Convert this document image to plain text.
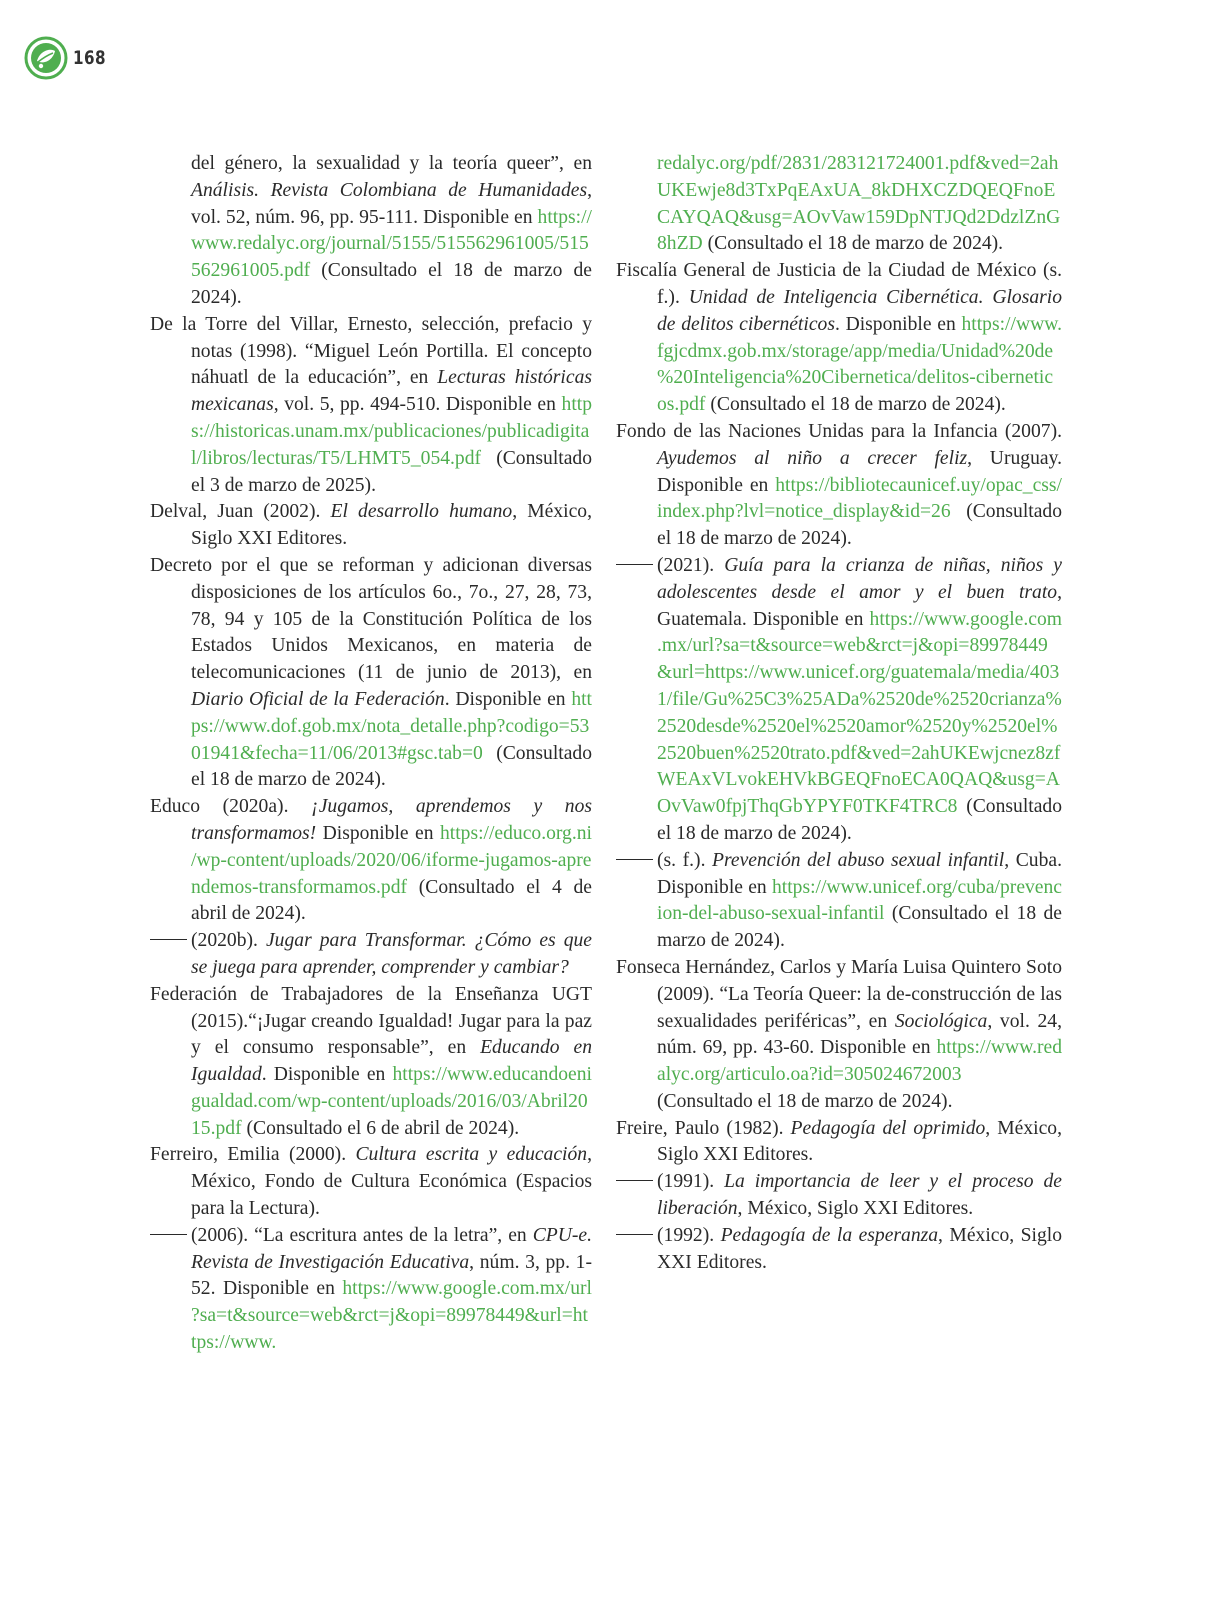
168
del género, la sexualidad y la teoría queer”, en Análisis. Revista Colombiana de Humanidades, vol. 52, núm. 96, pp. 95-111. Disponible en h​t​t​p​s​:​/​/​w​w​w​.​r​e​d​a​l​y​c​.​o​r​g​/​j​o​u​r​n​a​l​/​5​1​5​5​/​5​1​5​5​6​2​9​6​1​0​0​5​/​5​1​5​5​6​2​9​6​1​0​0​5​.​p​d​f (Consultado el 18 de marzo de 2024).
De la Torre del Villar, Ernesto, selección, prefacio y notas (1998). “Miguel León Portilla. El concepto náhuatl de la educación”, en Lecturas históricas mexicanas, vol. 5, pp. 494-510. Disponible en h​t​t​p​s​:​/​/​h​i​s​t​o​r​i​c​a​s​.​u​n​a​m​.​m​x​/​p​u​b​l​i​c​a​c​i​o​n​e​s​/​p​u​b​l​i​c​a​d​i​g​i​t​a​l​/​l​i​b​r​o​s​/​l​e​c​t​u​r​a​s​/​T​5​/​L​H​M​T​5​_​0​5​4​.​p​d​f (Consultado el 3 de marzo de 2025).
Delval, Juan (2002). El desarrollo humano, México, Siglo XXI Editores.
Decreto por el que se reforman y adicionan diversas disposiciones de los artículos 6o., 7o., 27, 28, 73, 78, 94 y 105 de la Constitución Política de los Estados Unidos Mexicanos, en materia de telecomunicaciones (11 de junio de 2013), en Diario Oficial de la Federación. Disponible en h​t​t​p​s​:​/​/​w​w​w​.​d​o​f​.​g​o​b​.​m​x​/​n​o​t​a​_​d​e​t​a​l​l​e​.​p​h​p​?​c​o​d​i​g​o​=​5​3​0​1​9​4​1​&​f​e​c​h​a​=​1​1​/​0​6​/​2​0​1​3​#​g​s​c​.​t​a​b​=​0 (Consultado el 18 de marzo de 2024).
Educo (2020a). ¡Jugamos, aprendemos y nos transformamos! Disponible en h​t​t​p​s​:​/​/​e​d​u​c​o​.​o​r​g​.​n​i​/​w​p​-​c​o​n​t​e​n​t​/​u​p​l​o​a​d​s​/​2​0​2​0​/​0​6​/​i​f​o​r​m​e​-​j​u​g​a​m​o​s​-​a​p​r​e​n​d​e​m​o​s​-​t​r​a​n​s​f​o​r​m​a​m​o​s​.​p​d​f (Consultado el 4 de abril de 2024).
(2020b). Jugar para Transformar. ¿Cómo es que se juega para aprender, comprender y cambiar?
Federación de Trabajadores de la Enseñanza UGT (2015).“¡Jugar creando Igualdad! Jugar para la paz y el consumo responsable”, en Educando en Igualdad. Disponible en h​t​t​p​s​:​/​/​w​w​w​.​e​d​u​c​a​n​d​o​e​n​i​g​u​a​l​d​a​d​.​c​o​m​/​w​p​-​c​o​n​t​e​n​t​/​u​p​l​o​a​d​s​/​2​0​1​6​/​0​3​/​A​b​r​i​l​2​0​1​5​.​p​d​f (Consultado el 6 de abril de 2024).
Ferreiro, Emilia (2000). Cultura escrita y educación, México, Fondo de Cultura Económica (Espacios para la Lectura).
(2006). “La escritura antes de la letra”, en CPU-e. Revista de Investigación Educativa, núm. 3, pp. 1-52. Disponible en h​t​t​p​s​:​/​/​w​w​w​.​g​o​o​g​l​e​.​c​o​m​.​m​x​/​u​r​l​?​s​a​=​t​&​s​o​u​r​c​e​=​w​e​b​&​r​c​t​=​j​&​o​p​i​=​8​9​9​7​8​4​4​9​&​u​r​l​=​h​t​t​p​s​:​/​/​w​w​w​.
r​e​d​a​l​y​c​.​o​r​g​/​p​d​f​/​2​8​3​1​/​2​8​3​1​2​1​7​2​4​0​0​1​.​p​d​f​&​v​e​d​=​2​a​h​U​K​E​w​j​e​8​d​3​T​x​P​q​E​A​x​U​A​_​8​k​D​H​X​C​Z​D​Q​E​Q​F​n​o​E​C​A​Y​Q​A​Q​&​u​s​g​=​A​O​v​V​a​w​1​5​9​D​p​N​T​J​Q​d​2​D​d​z​l​Z​n​G​8​h​Z​D (Consultado el 18 de marzo de 2024).
Fiscalía General de Justicia de la Ciudad de México (s. f.). Unidad de Inteligencia Cibernética. Glosario de delitos cibernéticos. Disponible en h​t​t​p​s​:​/​/​w​w​w​.​f​g​j​c​d​m​x​.​g​o​b​.​m​x​/​s​t​o​r​a​g​e​/​a​p​p​/​m​e​d​i​a​/​U​n​i​d​a​d​%​2​0​d​e​%​2​0​I​n​t​e​l​i​g​e​n​c​i​a​%​2​0​C​i​b​e​r​n​e​t​i​c​a​/​d​e​l​i​t​o​s​-​c​i​b​e​r​n​e​t​i​c​o​s​.​p​d​f (Consultado el 18 de marzo de 2024).
Fondo de las Naciones Unidas para la Infancia (2007). Ayudemos al niño a crecer feliz, Uruguay. Disponible en h​t​t​p​s​:​/​/​b​i​b​l​i​o​t​e​c​a​u​n​i​c​e​f​.​u​y​/​o​p​a​c​_​c​s​s​/​i​n​d​e​x​.​p​h​p​?​l​v​l​=​n​o​t​i​c​e​_​d​i​s​p​l​a​y​&​i​d​=​2​6 (Consultado el 18 de marzo de 2024).
(2021). Guía para la crianza de niñas, niños y adolescentes desde el amor y el buen trato, Guatemala. Disponible en h​t​t​p​s​:​/​/​w​w​w​.​g​o​o​g​l​e​.​c​o​m​.​m​x​/​u​r​l​?​s​a​=​t​&​s​o​u​r​c​e​=​w​e​b​&​r​c​t​=​j​&​o​p​i​=​8​9​9​7​8​4​4​9​&​u​r​l​=​h​t​t​p​s​:​/​/​w​w​w​.​u​n​i​c​e​f​.​o​r​g​/​g​u​a​t​e​m​a​l​a​/​m​e​d​i​a​/​4​0​3​1​/​f​i​l​e​/​G​u​%​2​5​C​3​%​2​5​A​D​a​%​2​5​2​0​d​e​%​2​5​2​0​c​r​i​a​n​z​a​%​2​5​2​0​d​e​s​d​e​%​2​5​2​0​e​l​%​2​5​2​0​a​m​o​r​%​2​5​2​0​y​%​2​5​2​0​e​l​%​2​5​2​0​b​u​e​n​%​2​5​2​0​t​r​a​t​o​.​p​d​f​&​v​e​d​=​2​a​h​U​K​E​w​j​c​n​e​z​8​z​f​W​E​A​x​V​L​v​o​k​E​H​V​k​B​G​E​Q​F​n​o​E​C​A​0​Q​A​Q​&​u​s​g​=​A​O​v​V​a​w​0​f​p​j​T​h​q​G​b​Y​P​Y​F​0​T​K​F​4​T​R​C​8 (Consultado el 18 de marzo de 2024).
(s. f.). Prevención del abuso sexual infantil, Cuba. Disponible en h​t​t​p​s​:​/​/​w​w​w​.​u​n​i​c​e​f​.​o​r​g​/​c​u​b​a​/​p​r​e​v​e​n​c​i​o​n​-​d​e​l​-​a​b​u​s​o​-​s​e​x​u​a​l​-​i​n​f​a​n​t​i​l (Consultado el 18 de marzo de 2024).
Fonseca Hernández, Carlos y María Luisa Quintero Soto (2009). “La Teoría Queer: la de-construcción de las sexualidades periféricas”, en Sociológica, vol. 24, núm. 69, pp. 43-60. Disponible en h​t​t​p​s​:​/​/​w​w​w​.​r​e​d​a​l​y​c​.​o​r​g​/​a​r​t​i​c​u​l​o​.​o​a​?​i​d​=​3​0​5​0​2​4​6​7​2​0​0​3 (Consultado el 18 de marzo de 2024).
Freire, Paulo (1982). Pedagogía del oprimido, México, Siglo XXI Editores.
(1991). La importancia de leer y el proceso de liberación, México, Siglo XXI Editores.
(1992). Pedagogía de la esperanza, México, Siglo XXI Editores.
